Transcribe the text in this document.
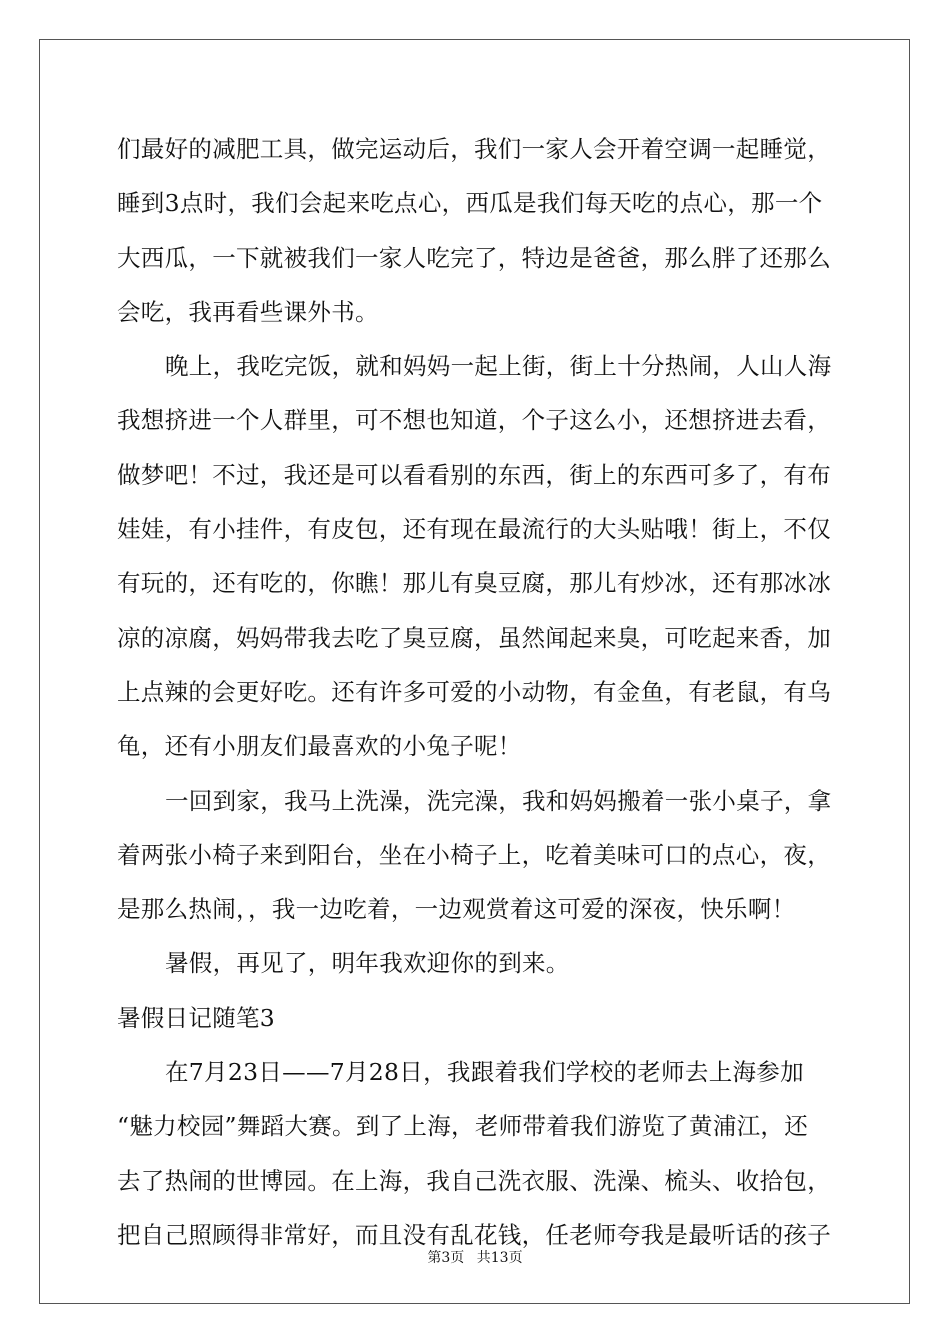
们最好的减肥工具，做完运动后，我们一家人会开着空调一起睡觉，
睡到3点时，我们会起来吃点心，西瓜是我们每天吃的点心，那一个
大西瓜，一下就被我们一家人吃完了，特边是爸爸，那么胖了还那么
会吃，我再看些课外书。
晚上，我吃完饭，就和妈妈一起上街，街上十分热闹，人山人海
我想挤进一个人群里，可不想也知道，个子这么小，还想挤进去看，
做梦吧！不过，我还是可以看看别的东西，街上的东西可多了，有布
娃娃，有小挂件，有皮包，还有现在最流行的大头贴哦！街上，不仅
有玩的，还有吃的，你瞧！那儿有臭豆腐，那儿有炒冰，还有那冰冰
凉的凉腐，妈妈带我去吃了臭豆腐，虽然闻起来臭，可吃起来香，加
上点辣的会更好吃。还有许多可爱的小动物，有金鱼，有老鼠，有乌
龟，还有小朋友们最喜欢的小兔子呢！
一回到家，我马上洗澡，洗完澡，我和妈妈搬着一张小桌子，拿
着两张小椅子来到阳台，坐在小椅子上，吃着美味可口的点心，夜，
是那么热闹，，我一边吃着，一边观赏着这可爱的深夜，快乐啊！
暑假，再见了，明年我欢迎你的到来。
暑假日记随笔3
在7月23日——7月28日，我跟着我们学校的老师去上海参加
“魅力校园”舞蹈大赛。到了上海，老师带着我们游览了黄浦江，还
去了热闹的世博园。在上海，我自己洗衣服、洗澡、梳头、收拾包，
把自己照顾得非常好，而且没有乱花钱，任老师夸我是最听话的孩子
第3页 共13页
